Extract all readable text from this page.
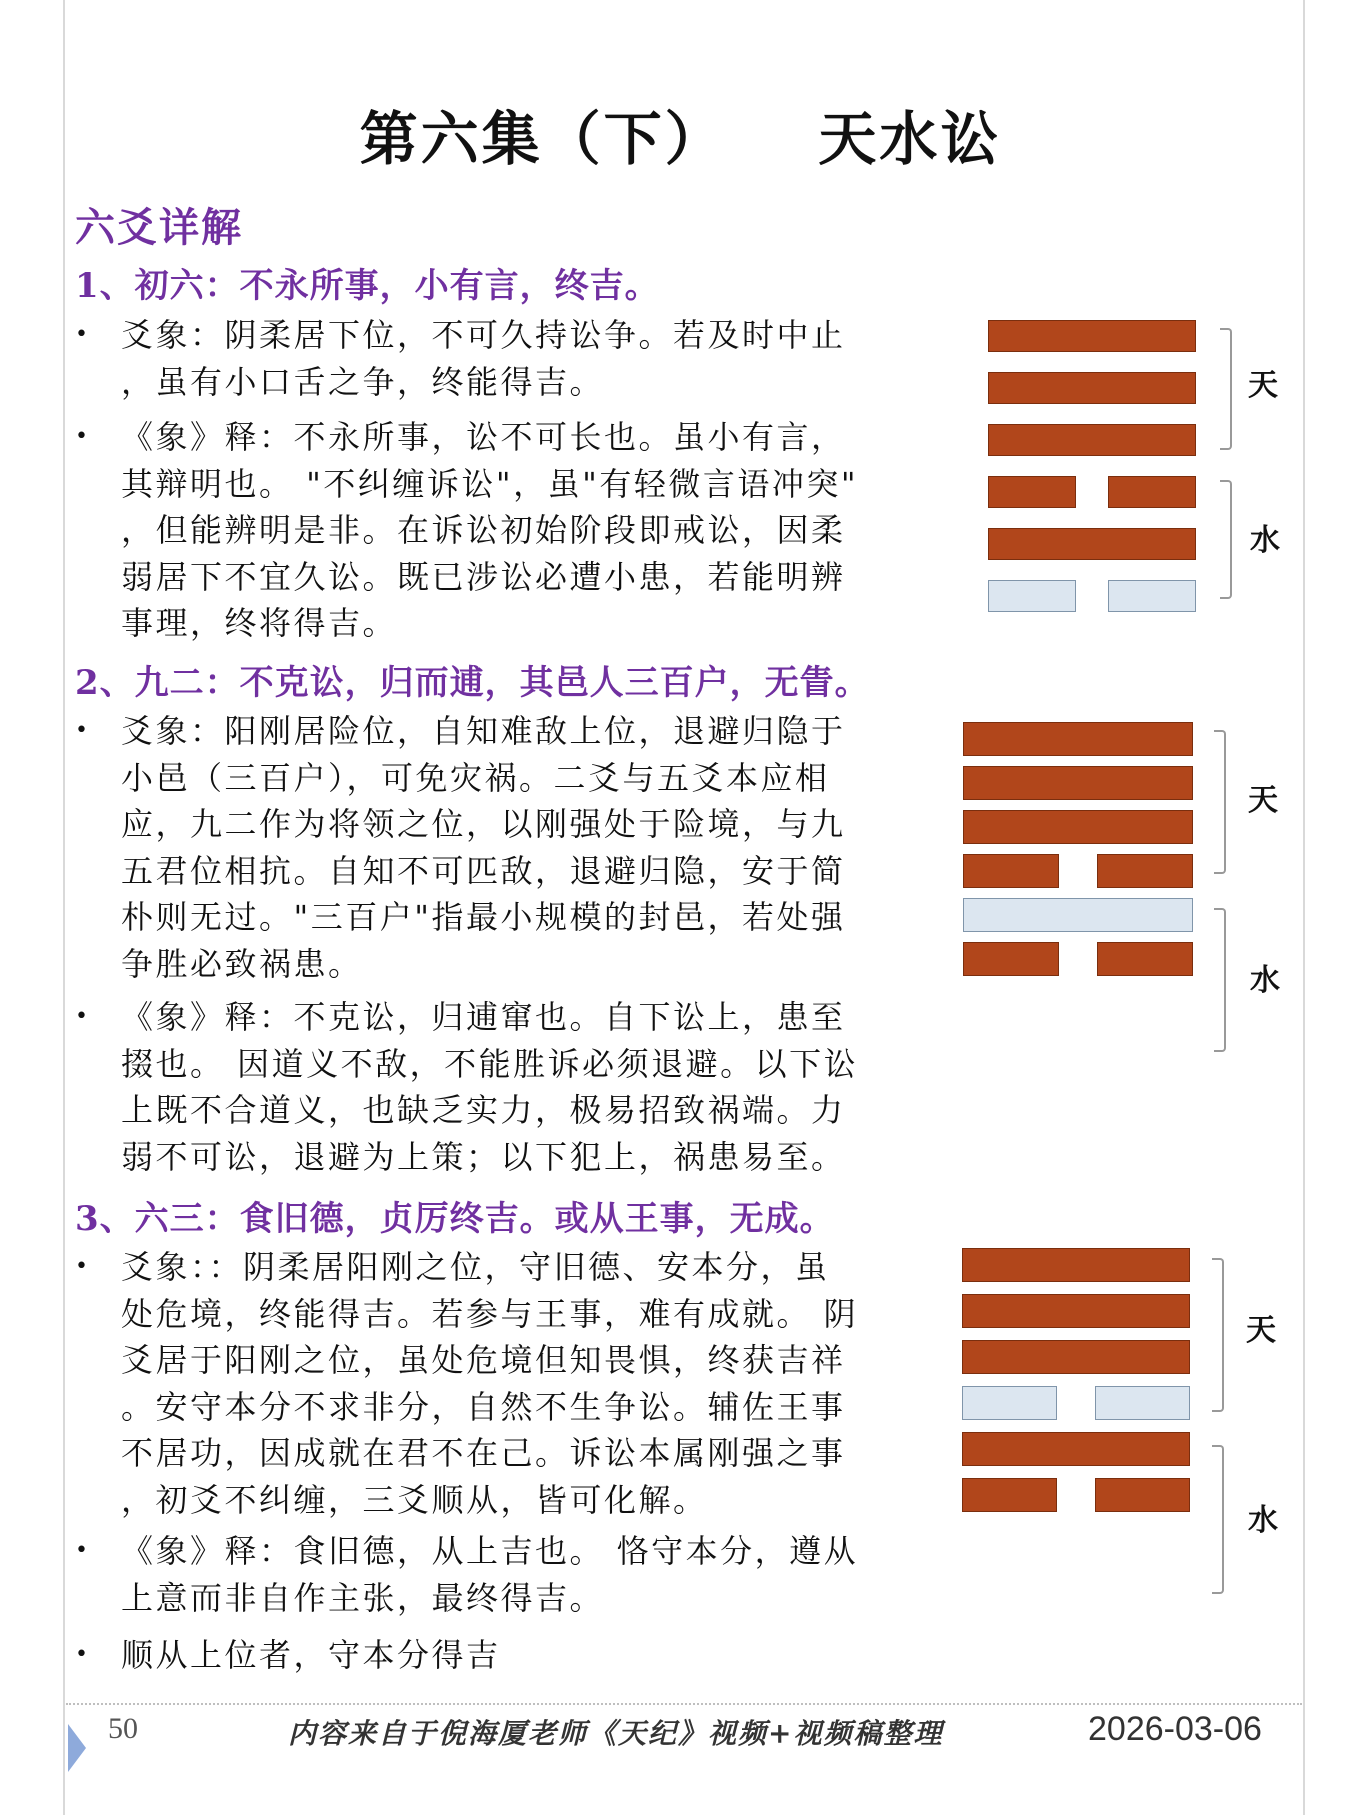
第六集（下）    天水讼
六爻详解
1、初六：不永所事，小有言，终吉。
•	爻象：阴柔居下位，不可久持讼争。若及时中止
，虽有小口舌之争，终能得吉。
•	《象》释：不永所事，讼不可长也。虽小有言，
其辩明也。 "不纠缠诉讼"，虽"有轻微言语冲突"
，但能辨明是非。在诉讼初始阶段即戒讼，因柔
弱居下不宜久讼。既已涉讼必遭小患，若能明辨
事理，终将得吉。
2、九二：不克讼，归而逋，其邑人三百户，无眚。
•	爻象：阳刚居险位，自知难敌上位，退避归隐于
小邑（三百户），可免灾祸。二爻与五爻本应相
应，九二作为将领之位，以刚强处于险境，与九
五君位相抗。自知不可匹敌，退避归隐，安于简
朴则无过。"三百户"指最小规模的封邑，若处强
争胜必致祸患。
•	《象》释：不克讼，归逋窜也。自下讼上，患至
掇也。 因道义不敌，不能胜诉必须退避。以下讼
上既不合道义，也缺乏实力，极易招致祸端。力
弱不可讼，退避为上策；以下犯上，祸患易至。
3、六三：食旧德，贞厉终吉。或从王事，无成。
•	爻象：：阴柔居阳刚之位，守旧德、安本分，虽
处危境，终能得吉。若参与王事，难有成就。 阴
爻居于阳刚之位，虽处危境但知畏惧，终获吉祥
。安守本分不求非分，自然不生争讼。辅佐王事
不居功，因成就在君不在己。诉讼本属刚强之事
，初爻不纠缠，三爻顺从，皆可化解。
•	《象》释：食旧德，从上吉也。 恪守本分，遵从
上意而非自作主张，最终得吉。
•	顺从上位者，守本分得吉
天
水
天
水
天
水
50	内容来自于倪海厦老师《天纪》视频+视频稿整理	2026-03-06
